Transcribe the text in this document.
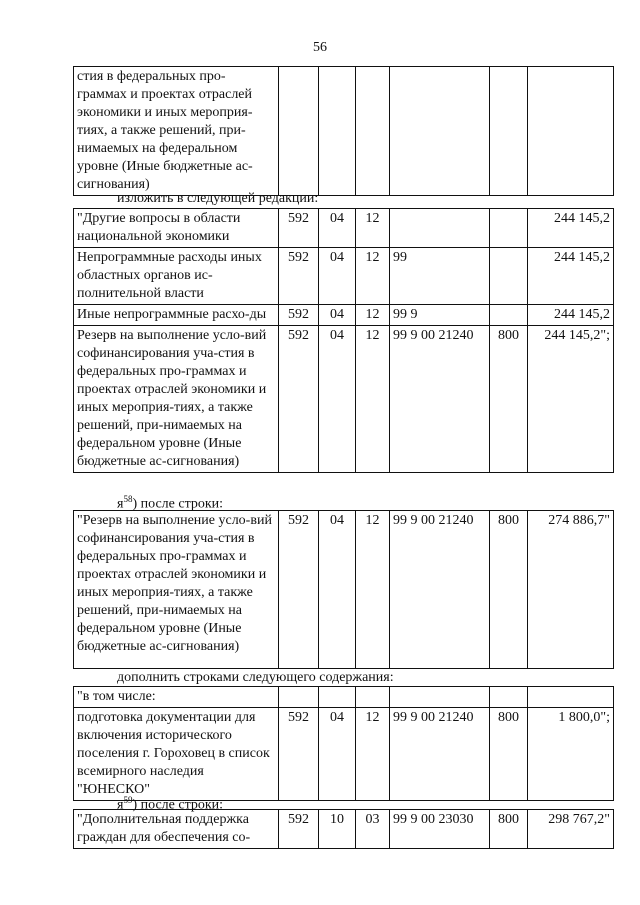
56
стия в федеральных про-граммах и проектах отраслей экономики и иных мероприя-тиях, а также решений, при-нимаемых на федеральном уровне (Иные бюджетные ас-сигнования)						
изложить в следующей редакции:
"Другие вопросы в области национальной экономики	592	04	12			244 145,2
Непрограммные расходы иных областных органов ис-полнительной власти	592	04	12	99		244 145,2
Иные непрограммные расхо-ды	592	04	12	99 9		244 145,2
Резерв на выполнение усло-вий софинансирования уча-стия в федеральных про-граммах и проектах отраслей экономики и иных мероприя-тиях, а также решений, при-нимаемых на федеральном уровне (Иные бюджетные ас-сигнования)	592	04	12	99 9 00 21240	800	244 145,2";
$я^{58}$) после строки:
"Резерв на выполнение усло-вий софинансирования уча-стия в федеральных про-граммах и проектах отраслей экономики и иных мероприя-тиях, а также решений, при-нимаемых на федеральном уровне (Иные бюджетные ас-сигнования)	592	04	12	99 9 00 21240	800	274 886,7"
дополнить строками следующего содержания:
"в том числе:						
подготовка документации для включения исторического поселения г. Гороховец в список всемирного наследия "ЮНЕСКО"	592	04	12	99 9 00 21240	800	1 800,0";
$я^{59}$) после строки:
"Дополнительная поддержка граждан для обеспечения со-	592	10	03	99 9 00 23030	800	298 767,2"
